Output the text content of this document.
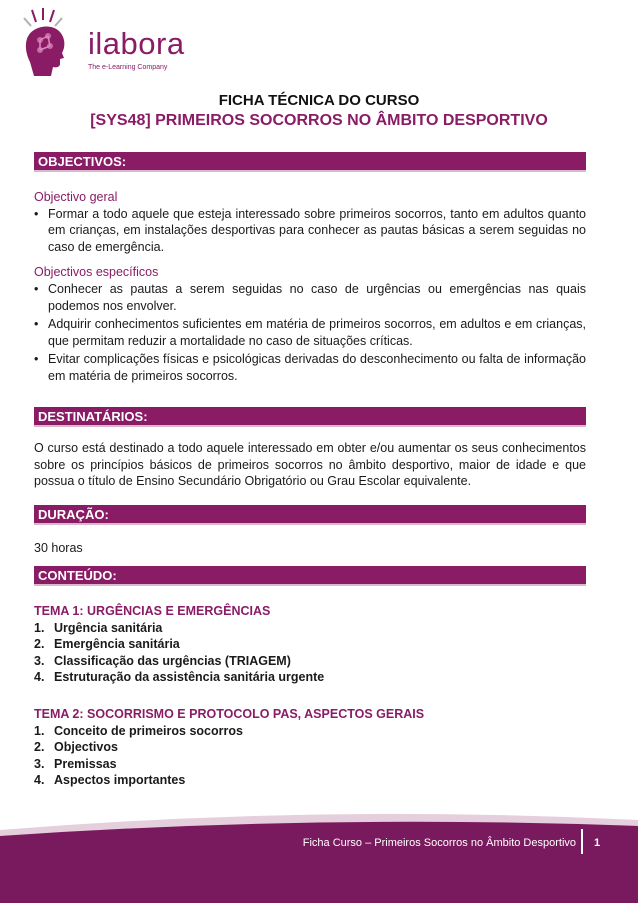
ilabora
The e-Learning Company
FICHA TÉCNICA DO CURSO
[SYS48] PRIMEIROS SOCORROS NO ÂMBITO DESPORTIVO
OBJECTIVOS:
Objectivo geral
• Formar a todo aquele que esteja interessado sobre primeiros socorros, tanto em adultos quanto em crianças, em instalações desportivas para conhecer as pautas básicas a serem seguidas no caso de emergência.
Objectivos específicos
• Conhecer as pautas a serem seguidas no caso de urgências ou emergências nas quais podemos nos envolver.
• Adquirir conhecimentos suficientes em matéria de primeiros socorros, em adultos e em crianças, que permitam reduzir a mortalidade no caso de situações críticas.
• Evitar complicações físicas e psicológicas derivadas do desconhecimento ou falta de informação em matéria de primeiros socorros.
DESTINATÁRIOS:
O curso está destinado a todo aquele interessado em obter e/ou aumentar os seus conhecimentos sobre os princípios básicos de primeiros socorros no âmbito desportivo, maior de idade e que possua o título de Ensino Secundário Obrigatório ou Grau Escolar equivalente.
DURAÇÃO:
30 horas
CONTEÚDO:
TEMA 1: URGÊNCIAS E EMERGÊNCIAS
1. Urgência sanitária
2. Emergência sanitária
3. Classificação das urgências (TRIAGEM)
4. Estruturação da assistência sanitária urgente
TEMA 2: SOCORRISMO E PROTOCOLO PAS, ASPECTOS GERAIS
1. Conceito de primeiros socorros
2. Objectivos
3. Premissas
4. Aspectos importantes
Ficha Curso – Primeiros Socorros no Âmbito Desportivo 1
